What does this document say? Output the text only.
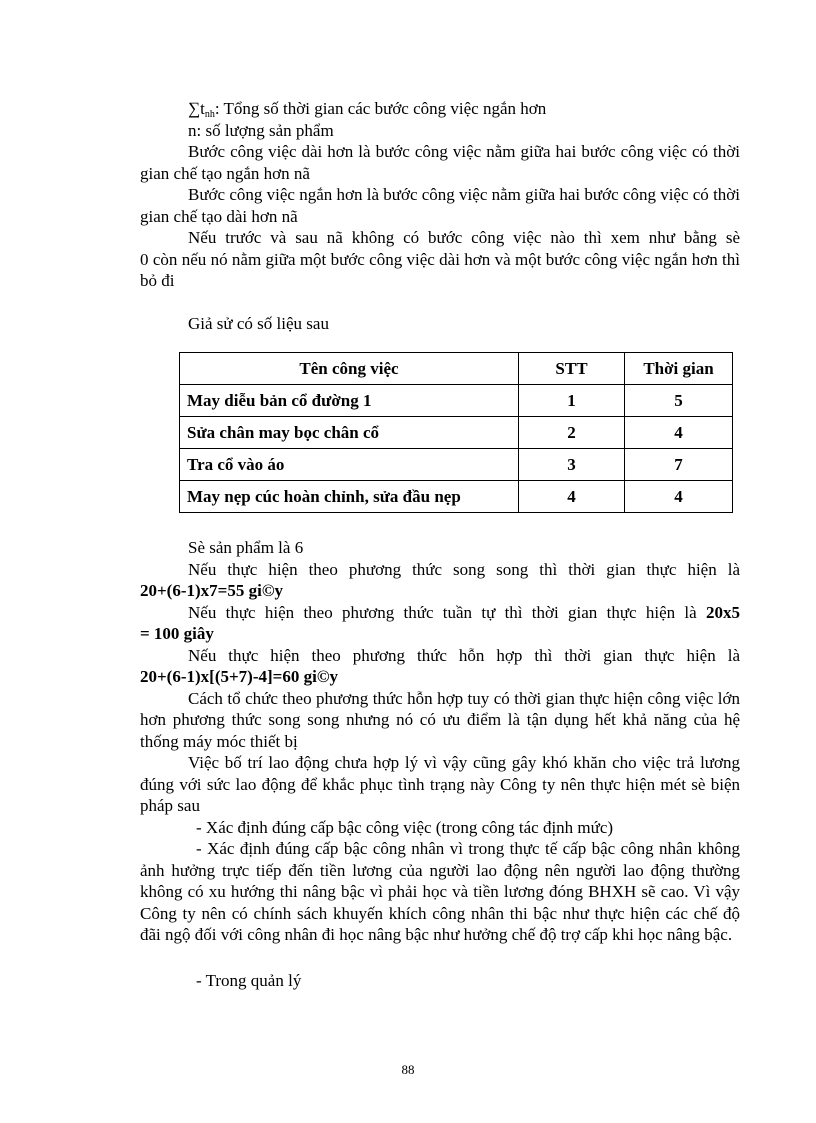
$\sum t_{nh}$: Tổng số thời gian các bước công việc ngắn hơn

n: số lượng sản phẩm

Bước công việc dài hơn là bước công việc nằm giữa hai bước công việc có thời gian chế tạo ngắn hơn nã

Bước công việc ngắn hơn là bước công việc nằm giữa hai bước công việc có thời gian chế tạo dài hơn nã

Nếu trước và sau nã không có bước công việc nào thì xem như bằng sè

0 còn nếu nó nằm giữa một bước công việc dài hơn và một bước công việc ngắn hơn thì bỏ đi

Giả sử có số liệu sau

Tên công việc	STT	Thời gian
May diễu bản cổ đường 1	1	5
Sửa chân may bọc chân cổ	2	4
Tra cổ vào áo	3	7
May nẹp cúc hoàn chỉnh, sửa đầu nẹp	4	4

Sè sản phẩm là 6

Nếu thực hiện theo phương thức song song thì thời gian thực hiện là

20+(6-1)x7=55 gi©y

Nếu thực hiện theo phương thức tuần tự thì thời gian thực hiện là 20x5

= 100 giây

Nếu thực hiện theo phương thức hỗn hợp thì thời gian thực hiện là

20+(6-1)x[(5+7)-4]=60 gi©y

Cách tổ chức theo phương thức hỗn hợp tuy có thời gian thực hiện công việc lớn hơn phương thức song song nhưng nó có ưu điểm là tận dụng hết khả năng của hệ thống máy móc thiết bị

Việc bố trí lao động chưa hợp lý vì vậy cũng gây khó khăn cho việc trả lương đúng với sức lao động để khắc phục tình trạng này Công ty nên thực hiện mét sè biện pháp sau

- Xác định đúng cấp bậc công việc (trong công tác định mức)

- Xác định đúng cấp bậc công nhân vì trong thực tế cấp bậc công nhân không ảnh hưởng trực tiếp đến tiền lương của người lao động nên người lao động thường không có xu hướng thi nâng bậc vì phải học và tiền lương đóng BHXH sẽ cao. Vì vậy Công ty nên có chính sách khuyến khích công nhân thi bậc như thực hiện các chế độ đãi ngộ đối với công nhân đi học nâng bậc như hưởng chế độ trợ cấp khi học nâng bậc.

- Trong quản lý

88
